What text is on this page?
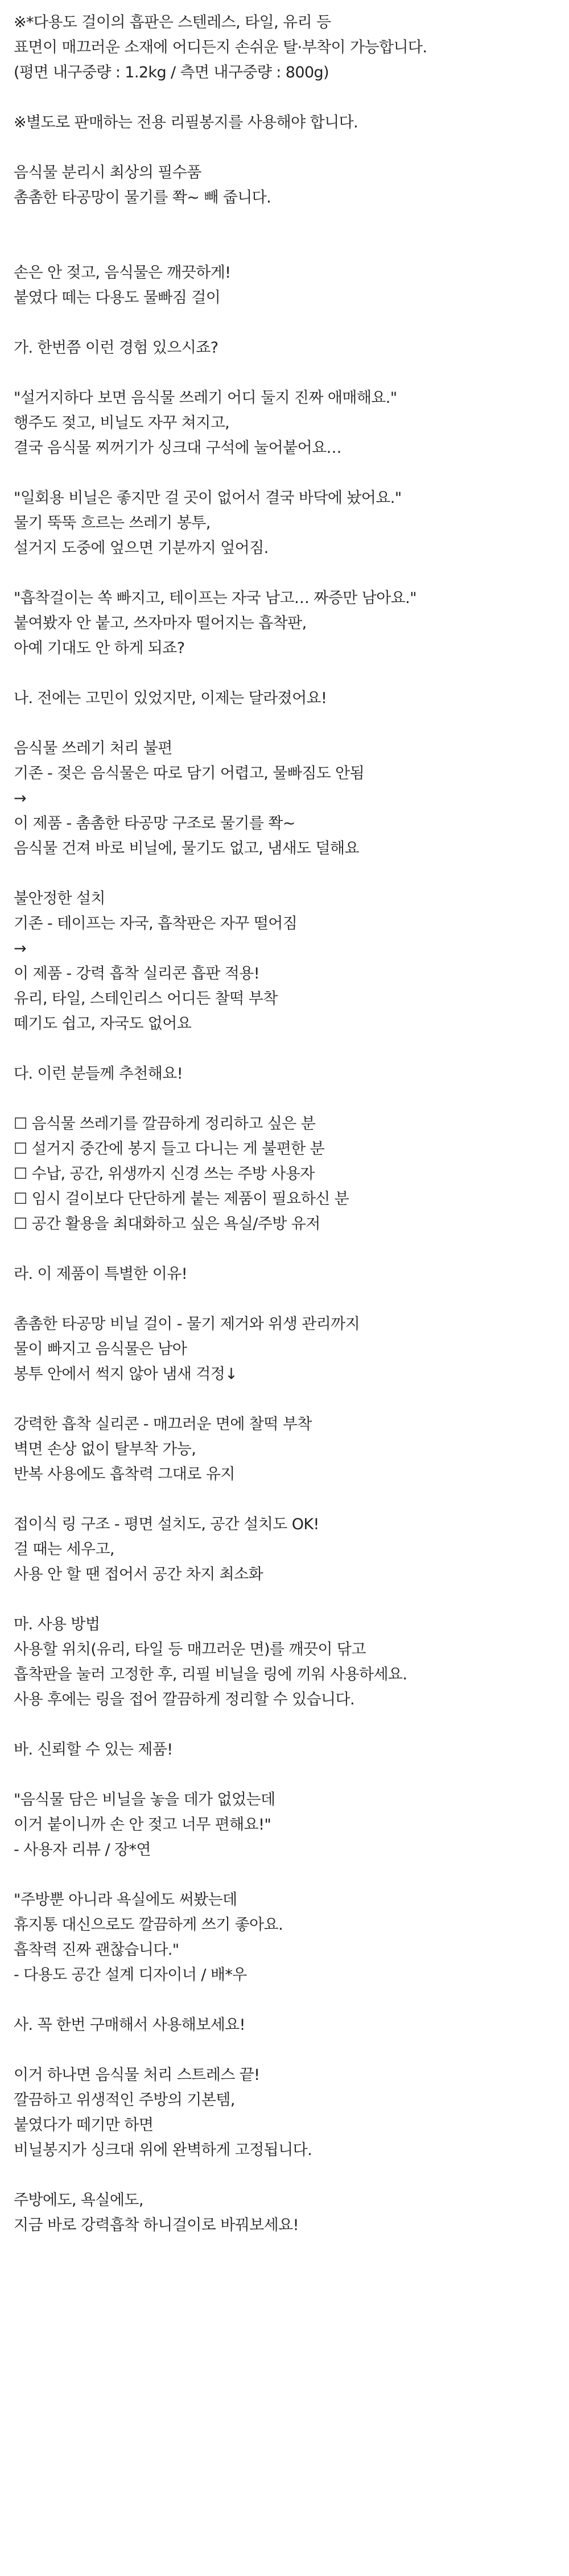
※*다용도 걸이의 흡판은 스텐레스, 타일, 유리 등
표면이 매끄러운 소재에 어디든지 손쉬운 탈·부착이 가능합니다.
(평면 내구중량 : 1.2kg / 측면 내구중량 : 800g)
※별도로 판매하는 전용 리필봉지를 사용해야 합니다.
음식물 분리시 최상의 필수품
촘촘한 타공망이 물기를 쫙~ 빼 줍니다.
손은 안 젖고, 음식물은 깨끗하게!
붙였다 떼는 다용도 물빠짐 걸이
가. 한번쯤 이런 경험 있으시죠?
"설거지하다 보면 음식물 쓰레기 어디 둘지 진짜 애매해요."
행주도 젖고, 비닐도 자꾸 쳐지고,
결국 음식물 찌꺼기가 싱크대 구석에 눌어붙어요…
"일회용 비닐은 좋지만 걸 곳이 없어서 결국 바닥에 놨어요."
물기 뚝뚝 흐르는 쓰레기 봉투,
설거지 도중에 엎으면 기분까지 엎어짐.
"흡착걸이는 쏙 빠지고, 테이프는 자국 남고… 짜증만 남아요."
붙여봤자 안 붙고, 쓰자마자 떨어지는 흡착판,
아예 기대도 안 하게 되죠?
나. 전에는 고민이 있었지만, 이제는 달라졌어요!
음식물 쓰레기 처리 불편
기존 - 젖은 음식물은 따로 담기 어렵고, 물빠짐도 안됨
→
이 제품 - 촘촘한 타공망 구조로 물기를 쫙~
음식물 건져 바로 비닐에, 물기도 없고, 냄새도 덜해요
불안정한 설치
기존 - 테이프는 자국, 흡착판은 자꾸 떨어짐
→
이 제품 - 강력 흡착 실리콘 흡판 적용!
유리, 타일, 스테인리스 어디든 찰떡 부착
떼기도 쉽고, 자국도 없어요
다. 이런 분들께 추천해요!
☐ 음식물 쓰레기를 깔끔하게 정리하고 싶은 분
☐ 설거지 중간에 봉지 들고 다니는 게 불편한 분
☐ 수납, 공간, 위생까지 신경 쓰는 주방 사용자
☐ 임시 걸이보다 단단하게 붙는 제품이 필요하신 분
☐ 공간 활용을 최대화하고 싶은 욕실/주방 유저
라. 이 제품이 특별한 이유!
촘촘한 타공망 비닐 걸이 - 물기 제거와 위생 관리까지
물이 빠지고 음식물은 남아
봉투 안에서 썩지 않아 냄새 걱정↓
강력한 흡착 실리콘 - 매끄러운 면에 찰떡 부착
벽면 손상 없이 탈부착 가능,
반복 사용에도 흡착력 그대로 유지
접이식 링 구조 - 평면 설치도, 공간 설치도 OK!
걸 때는 세우고,
사용 안 할 땐 접어서 공간 차지 최소화
마. 사용 방법
사용할 위치(유리, 타일 등 매끄러운 면)를 깨끗이 닦고
흡착판을 눌러 고정한 후, 리필 비닐을 링에 끼워 사용하세요.
사용 후에는 링을 접어 깔끔하게 정리할 수 있습니다.
바. 신뢰할 수 있는 제품!
"음식물 담은 비닐을 놓을 데가 없었는데
이거 붙이니까 손 안 젖고 너무 편해요!"
- 사용자 리뷰 / 장*연
"주방뿐 아니라 욕실에도 써봤는데
휴지통 대신으로도 깔끔하게 쓰기 좋아요.
흡착력 진짜 괜찮습니다."
- 다용도 공간 설계 디자이너 / 배*우
사. 꼭 한번 구매해서 사용해보세요!
이거 하나면 음식물 처리 스트레스 끝!
깔끔하고 위생적인 주방의 기본템,
붙였다가 떼기만 하면
비닐봉지가 싱크대 위에 완벽하게 고정됩니다.
주방에도, 욕실에도,
지금 바로 강력흡착 하니걸이로 바꿔보세요!
